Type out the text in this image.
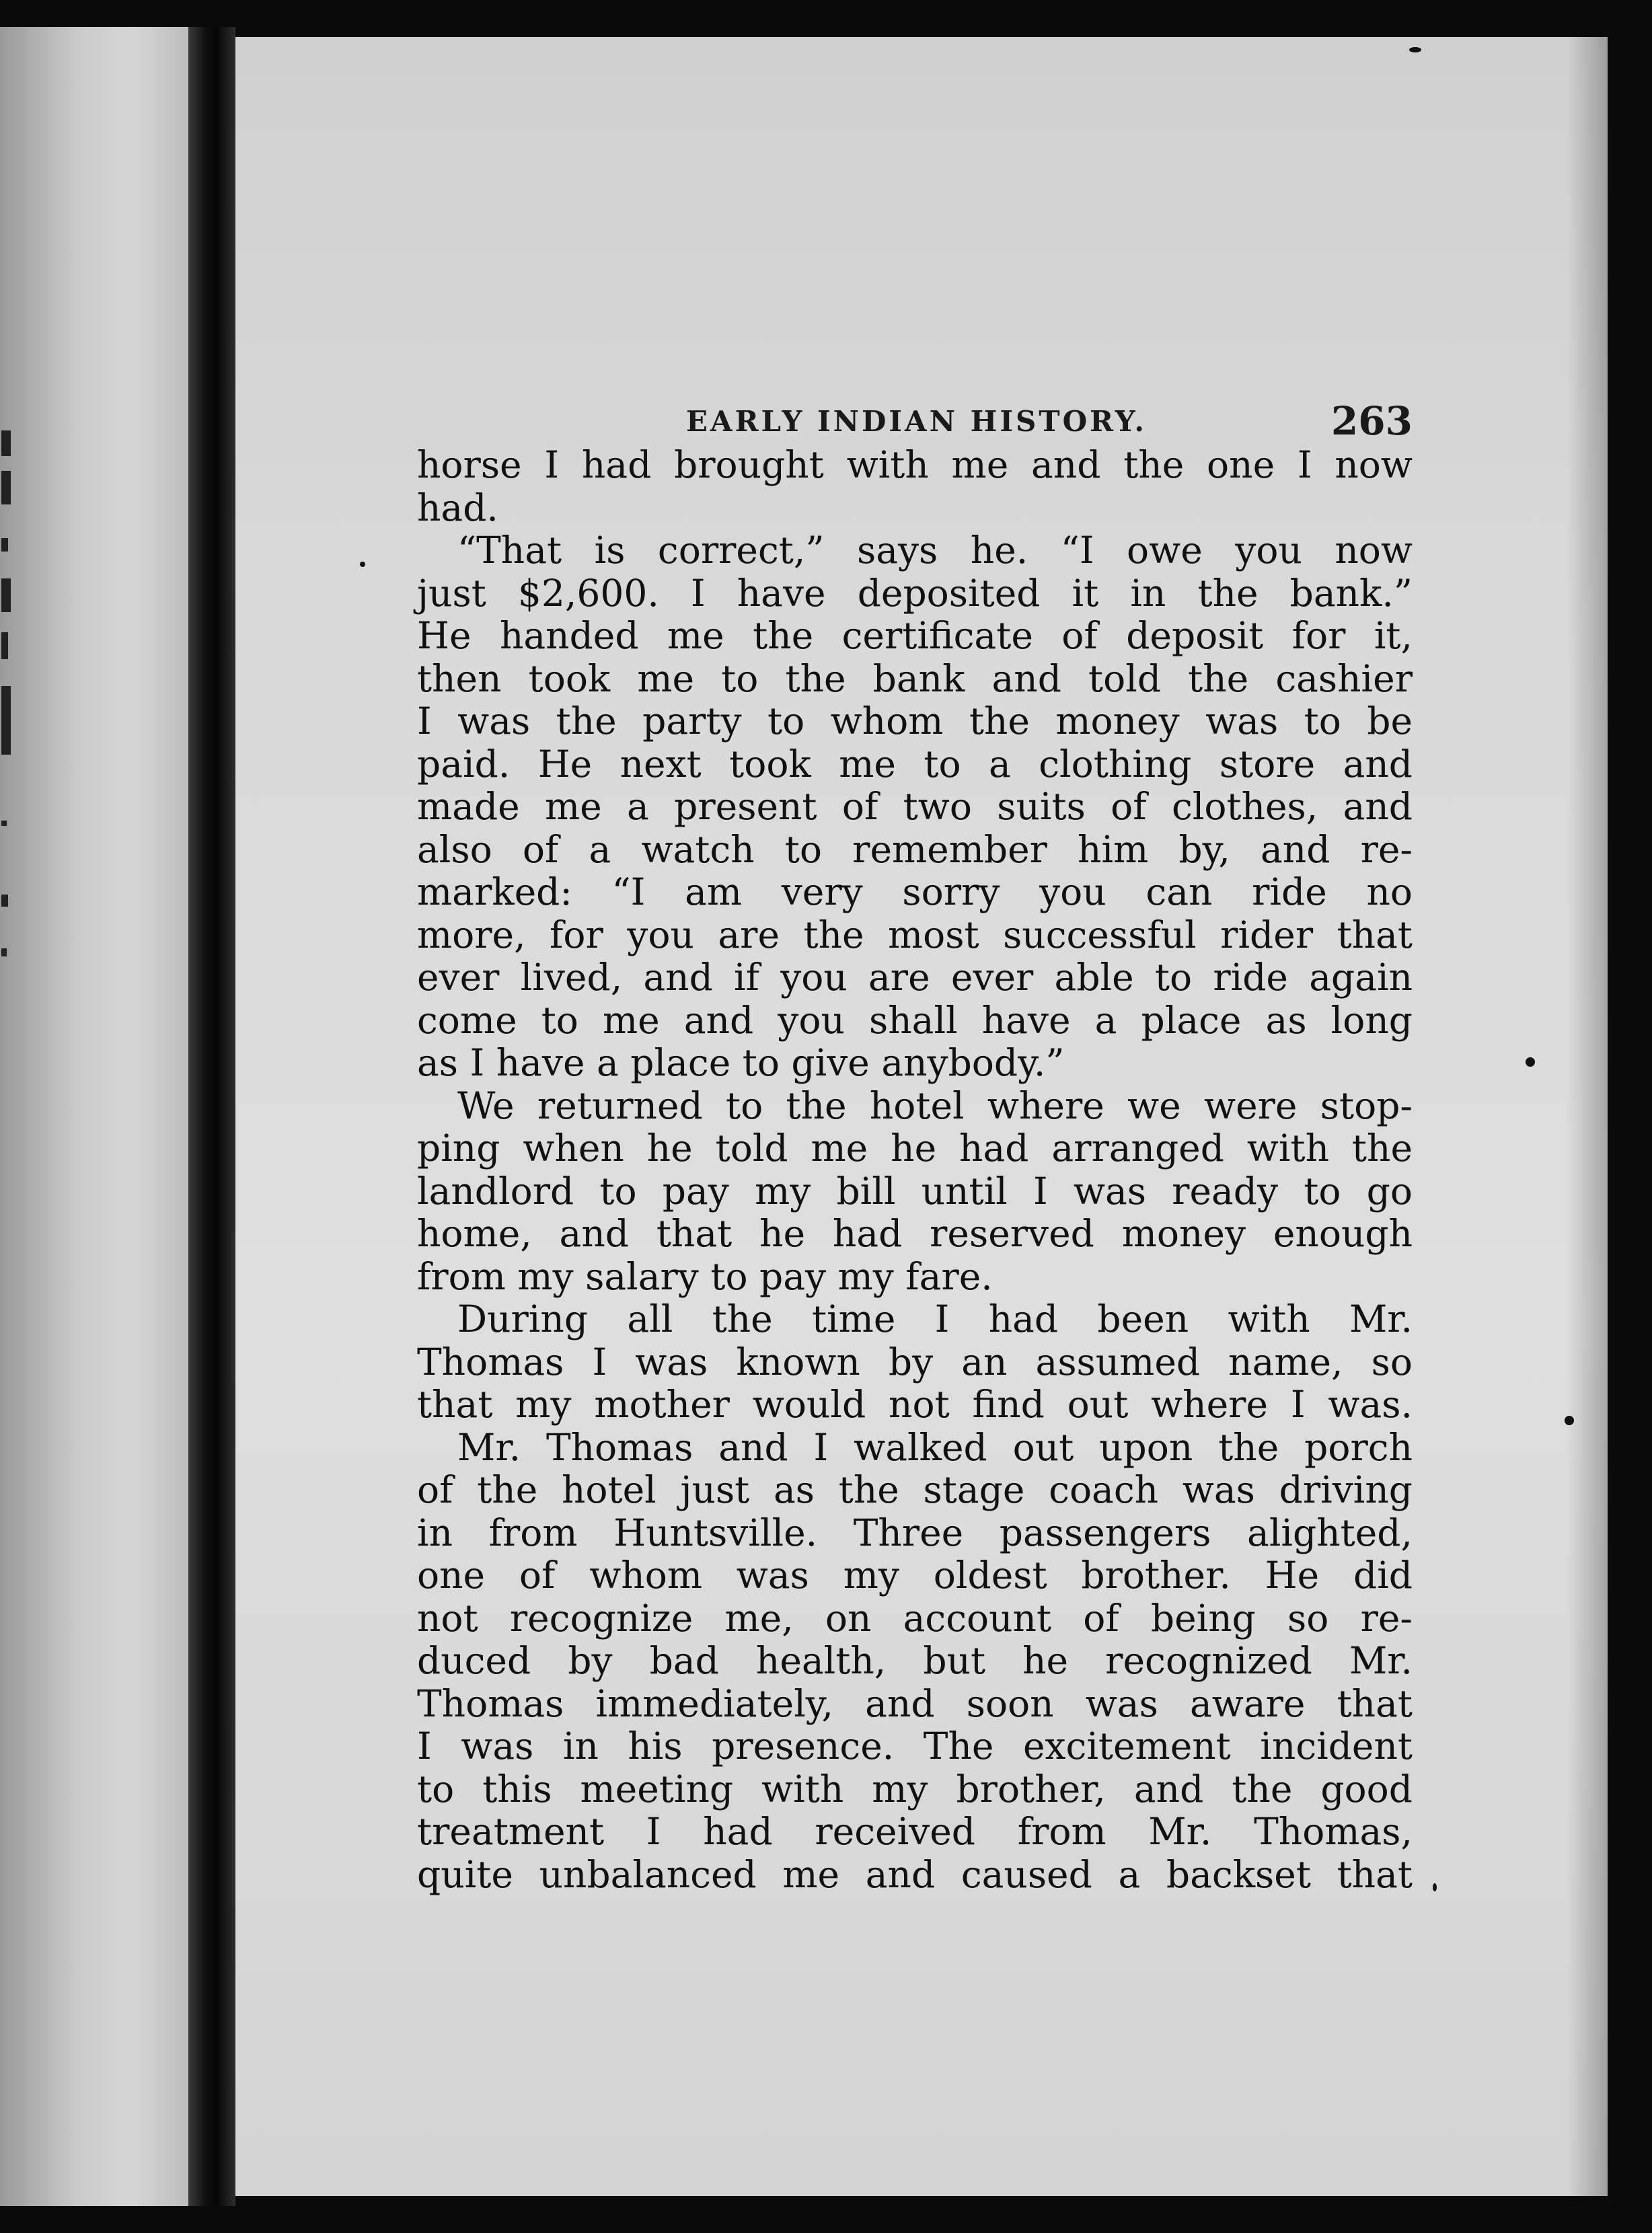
EARLY INDIAN HISTORY.	263
horse I had brought with me and the one I now
had.
“That is correct,” says he. “I owe you now
just $2,600. I have deposited it in the bank.”
He handed me the certificate of deposit for it,
then took me to the bank and told the cashier
I was the party to whom the money was to be
paid. He next took me to a clothing store and
made me a present of two suits of clothes, and
also of a watch to remember him by, and re-
marked: “I am very sorry you can ride no
more, for you are the most successful rider that
ever lived, and if you are ever able to ride again
come to me and you shall have a place as long
as I have a place to give anybody.”
We returned to the hotel where we were stop-
ping when he told me he had arranged with the
landlord to pay my bill until I was ready to go
home, and that he had reserved money enough
from my salary to pay my fare.
During all the time I had been with Mr.
Thomas I was known by an assumed name, so
that my mother would not find out where I was.
Mr. Thomas and I walked out upon the porch
of the hotel just as the stage coach was driving
in from Huntsville. Three passengers alighted,
one of whom was my oldest brother. He did
not recognize me, on account of being so re-
duced by bad health, but he recognized Mr.
Thomas immediately, and soon was aware that
I was in his presence. The excitement incident
to this meeting with my brother, and the good
treatment I had received from Mr. Thomas,
quite unbalanced me and caused a backset that
